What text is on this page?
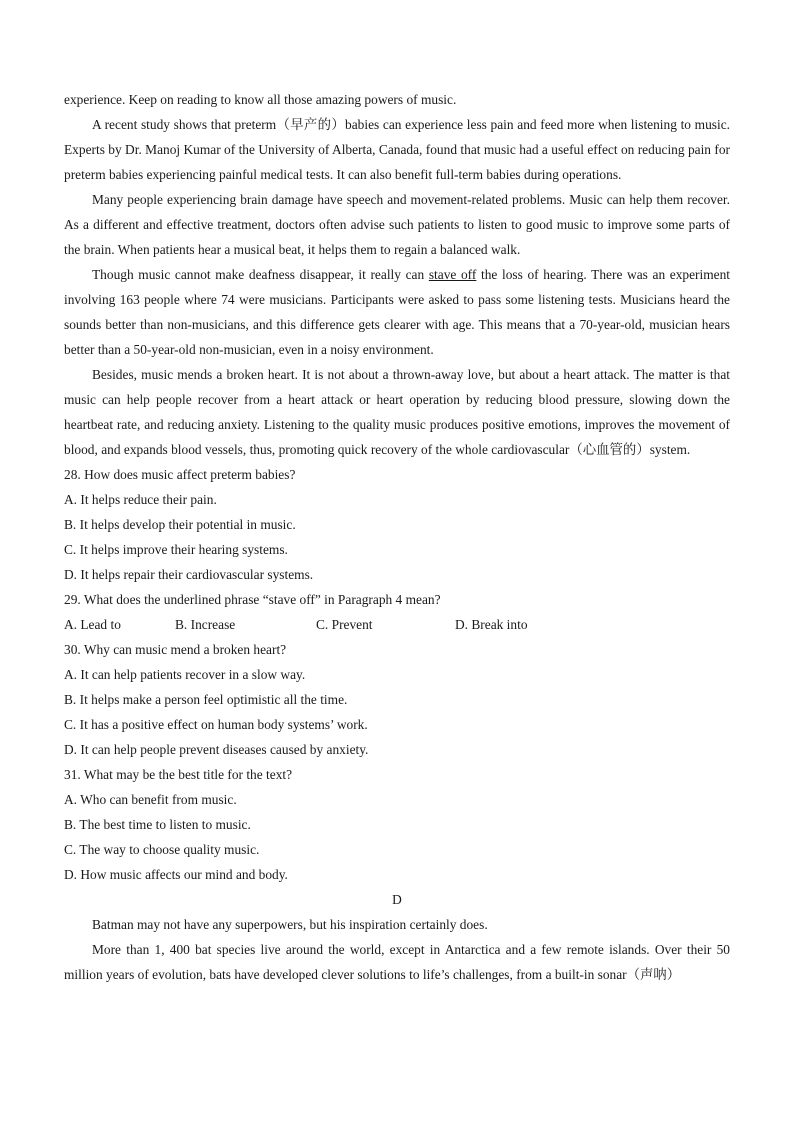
experience. Keep on reading to know all those amazing powers of music.

A recent study shows that preterm（早产的）babies can experience less pain and feed more when listening to music. Experts by Dr. Manoj Kumar of the University of Alberta, Canada, found that music had a useful effect on reducing pain for preterm babies experiencing painful medical tests. It can also benefit full-term babies during operations.

Many people experiencing brain damage have speech and movement-related problems. Music can help them recover. As a different and effective treatment, doctors often advise such patients to listen to good music to improve some parts of the brain. When patients hear a musical beat, it helps them to regain a balanced walk.

Though music cannot make deafness disappear, it really can stave off the loss of hearing. There was an experiment involving 163 people where 74 were musicians. Participants were asked to pass some listening tests. Musicians heard the sounds better than non-musicians, and this difference gets clearer with age. This means that a 70-year-old, musician hears better than a 50-year-old non-musician, even in a noisy environment.

Besides, music mends a broken heart. It is not about a thrown-away love, but about a heart attack. The matter is that music can help people recover from a heart attack or heart operation by reducing blood pressure, slowing down the heartbeat rate, and reducing anxiety. Listening to the quality music produces positive emotions, improves the movement of blood, and expands blood vessels, thus, promoting quick recovery of the whole cardiovascular（心血管的）system.

28. How does music affect preterm babies?
A. It helps reduce their pain.
B. It helps develop their potential in music.
C. It helps improve their hearing systems.
D. It helps repair their cardiovascular systems.
29. What does the underlined phrase “stave off” in Paragraph 4 mean?
A. Lead to	B. Increase	C. Prevent	D. Break into
30. Why can music mend a broken heart?
A. It can help patients recover in a slow way.
B. It helps make a person feel optimistic all the time.
C. It has a positive effect on human body systems’ work.
D. It can help people prevent diseases caused by anxiety.
31. What may be the best title for the text?
A. Who can benefit from music.
B. The best time to listen to music.
C. The way to choose quality music.
D. How music affects our mind and body.
D

Batman may not have any superpowers, but his inspiration certainly does.

More than 1, 400 bat species live around the world, except in Antarctica and a few remote islands. Over their 50 million years of evolution, bats have developed clever solutions to life’s challenges, from a built-in sonar（声呐）
